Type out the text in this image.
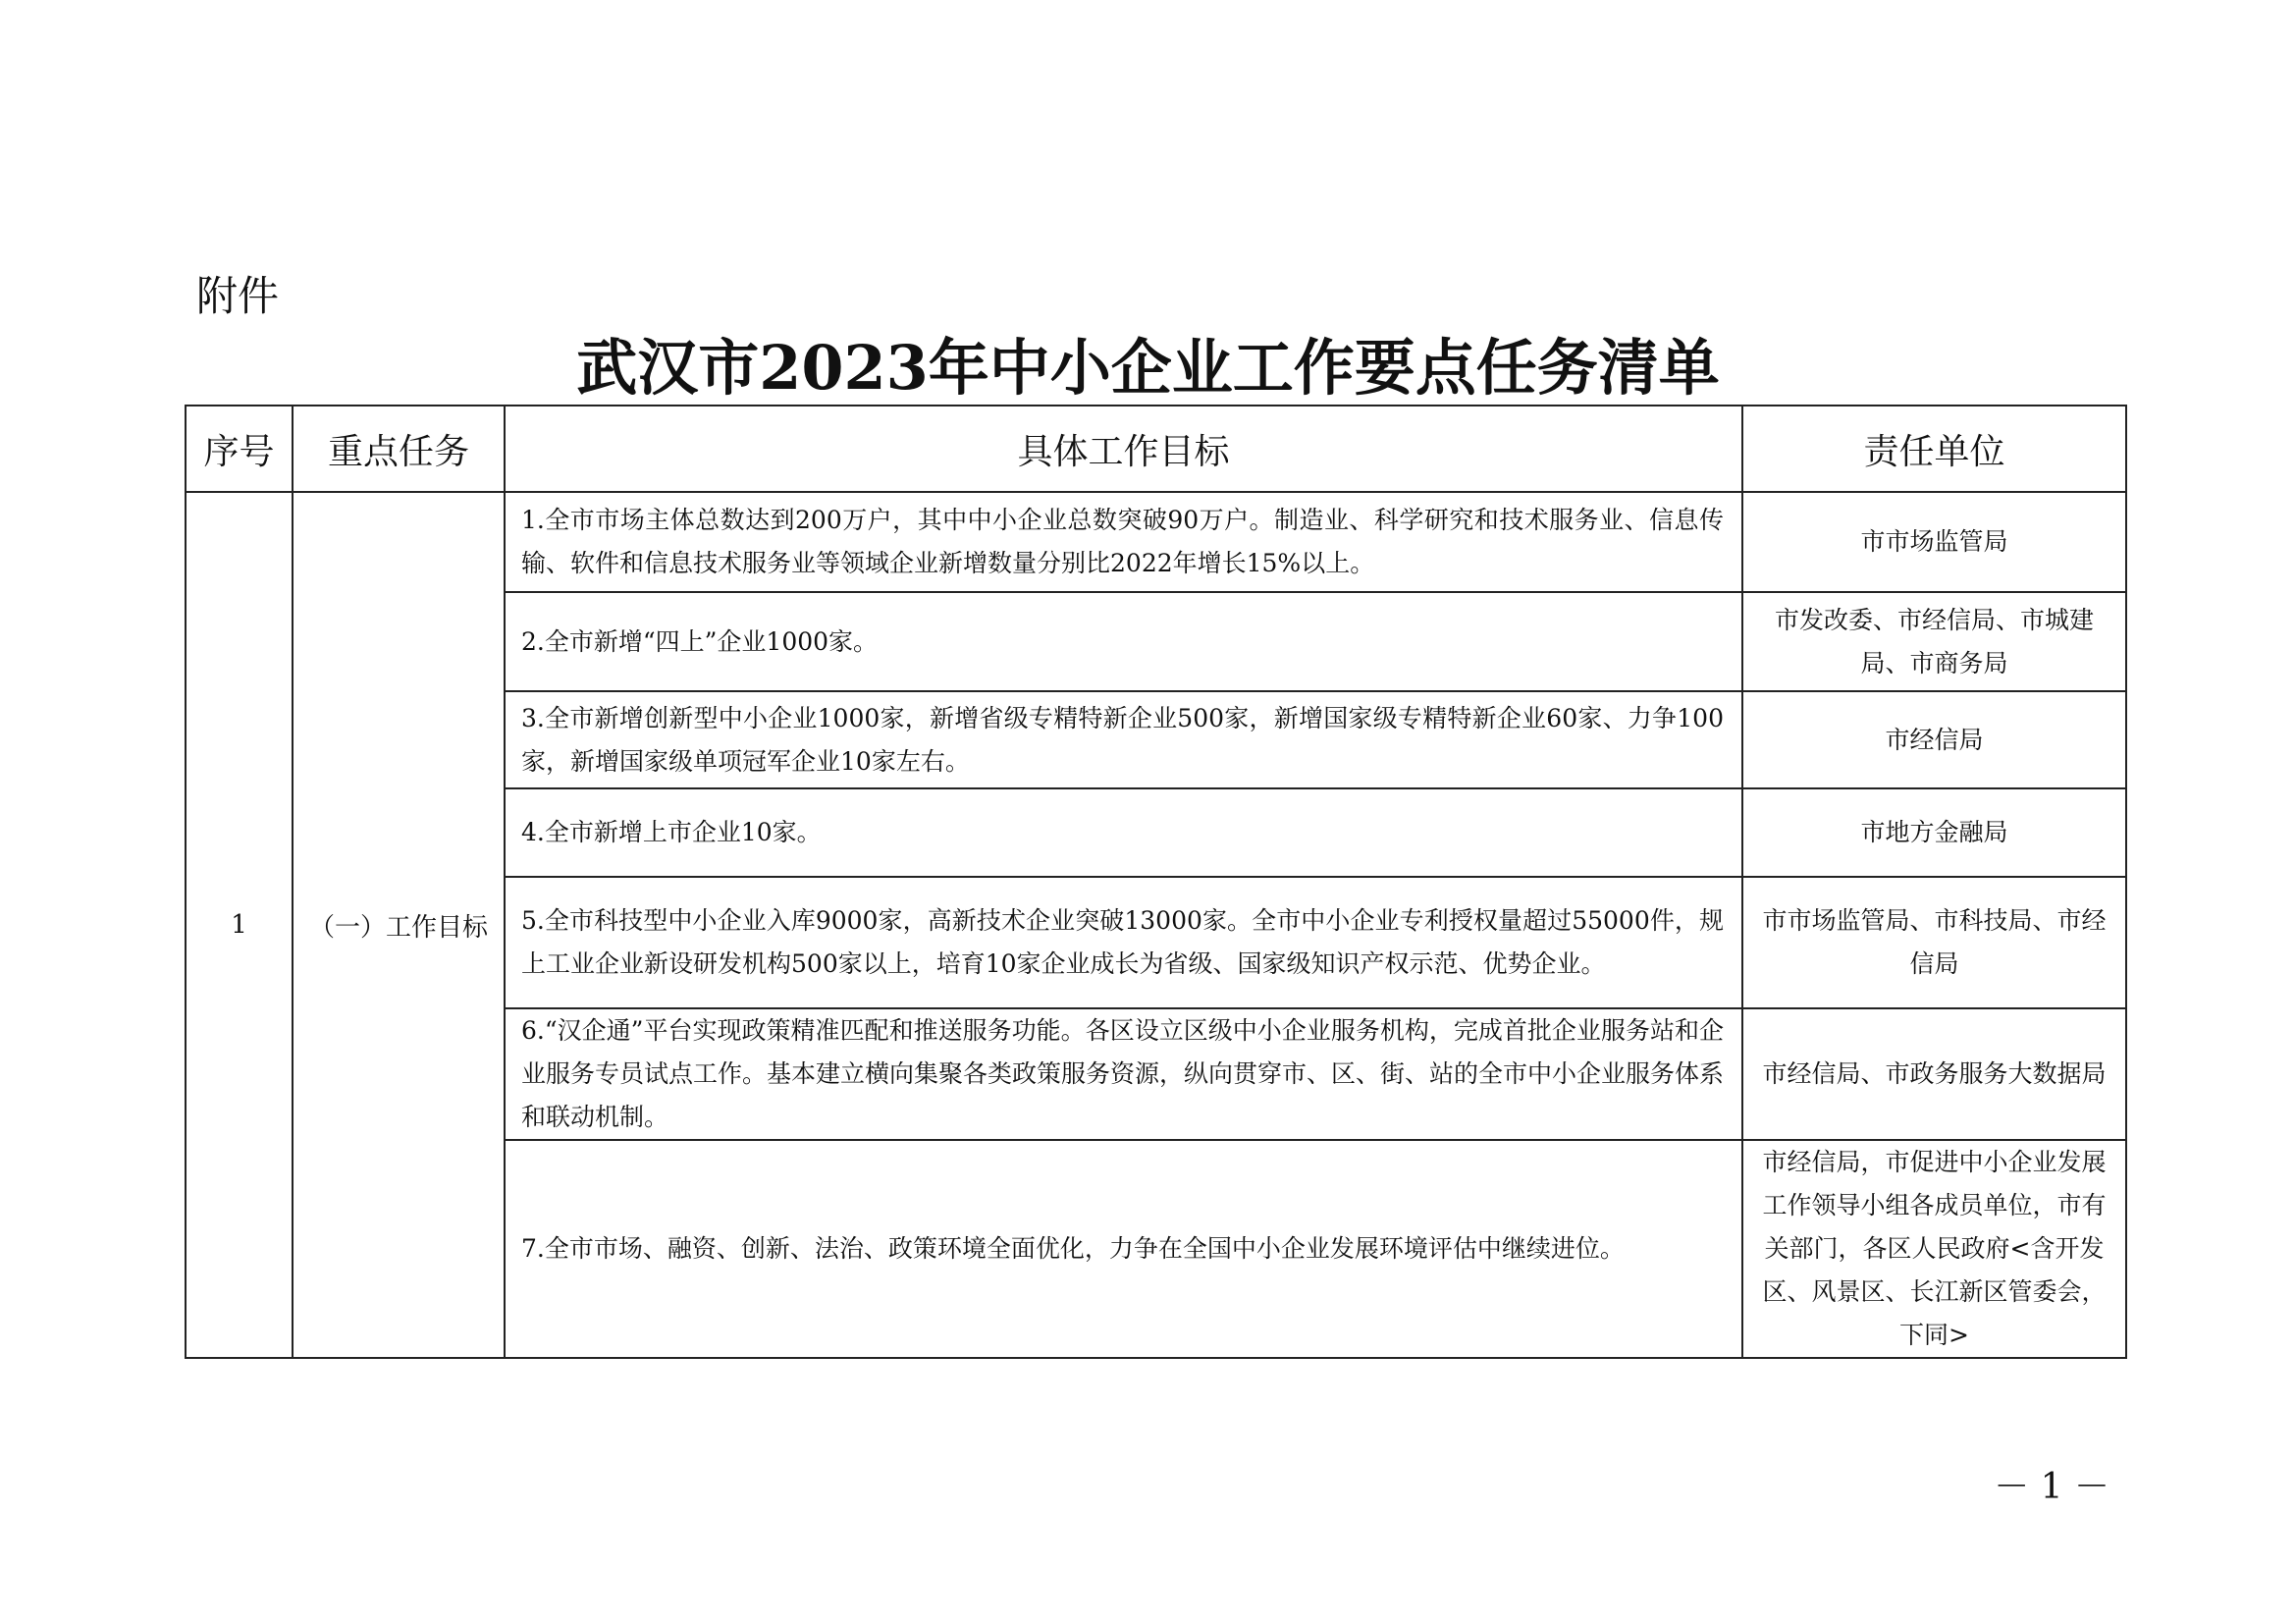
附件
武汉市2023年中小企业工作要点任务清单
序号	重点任务	具体工作目标	责任单位
1	（一）工作目标	1.全市市场主体总数达到200万户，其中中小企业总数突破90万户。制造业、科学研究和技术服务业、信息传输、软件和信息技术服务业等领域企业新增数量分别比2022年增长15%以上。	市市场监管局
		2.全市新增“四上”企业1000家。	市发改委、市经信局、市城建局、市商务局
		3.全市新增创新型中小企业1000家，新增省级专精特新企业500家，新增国家级专精特新企业60家、力争100家，新增国家级单项冠军企业10家左右。	市经信局
		4.全市新增上市企业10家。	市地方金融局
		5.全市科技型中小企业入库9000家，高新技术企业突破13000家。全市中小企业专利授权量超过55000件，规上工业企业新设研发机构500家以上，培育10家企业成长为省级、国家级知识产权示范、优势企业。	市市场监管局、市科技局、市经信局
		6.“汉企通”平台实现政策精准匹配和推送服务功能。各区设立区级中小企业服务机构，完成首批企业服务站和企业服务专员试点工作。基本建立横向集聚各类政策服务资源，纵向贯穿市、区、街、站的全市中小企业服务体系和联动机制。	市经信局、市政务服务大数据局
		7.全市市场、融资、创新、法治、政策环境全面优化，力争在全国中小企业发展环境评估中继续进位。	市经信局，市促进中小企业发展工作领导小组各成员单位，市有关部门，各区人民政府<含开发区、风景区、长江新区管委会，下同>
－ 1 －
